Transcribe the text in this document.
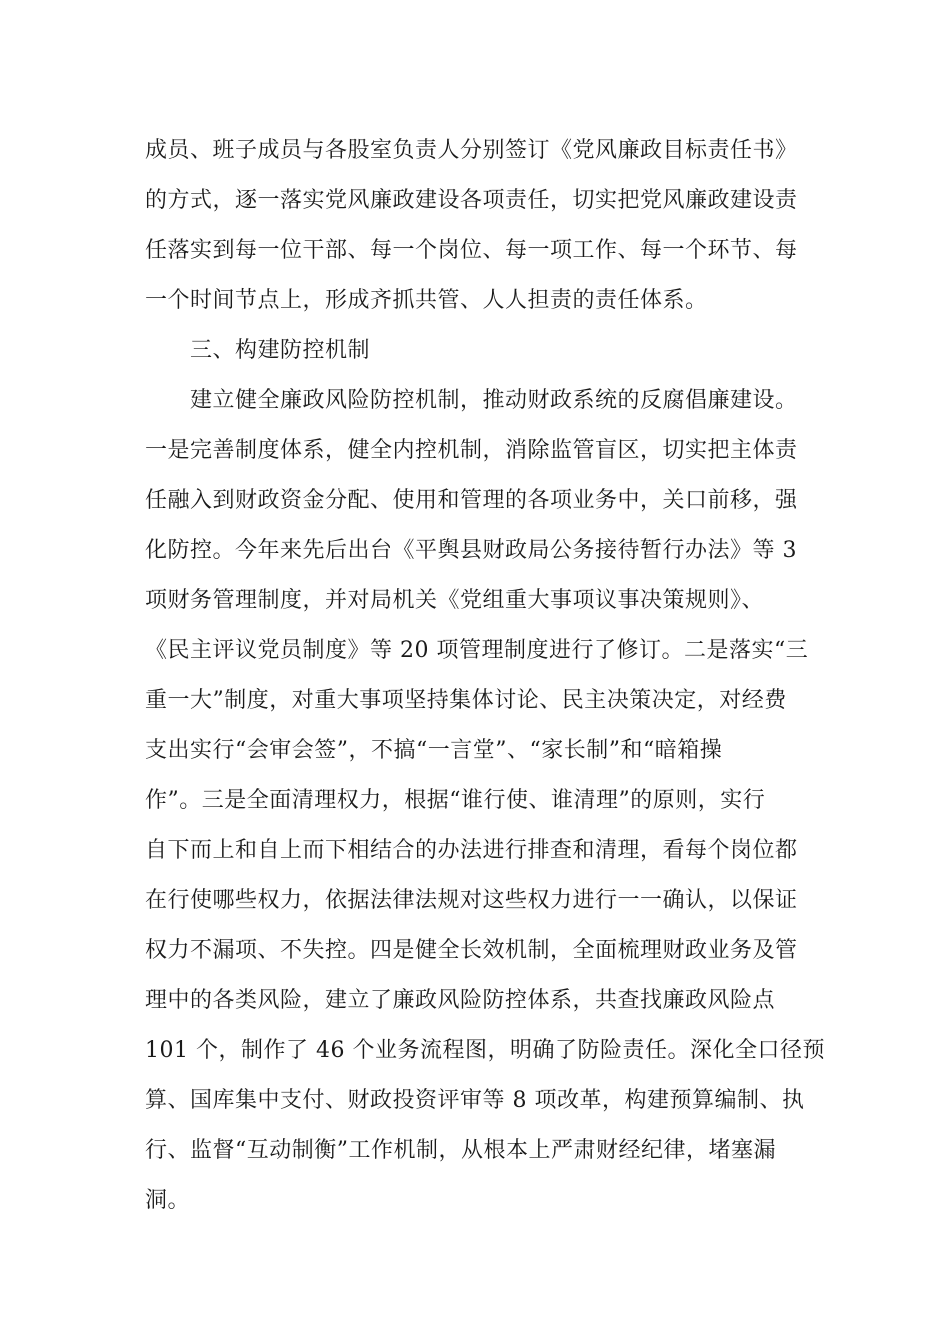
成员、班子成员与各股室负责人分别签订《党风廉政目标责任书》
的方式，逐一落实党风廉政建设各项责任，切实把党风廉政建设责
任落实到每一位干部、每一个岗位、每一项工作、每一个环节、每
一个时间节点上，形成齐抓共管、人人担责的责任体系。
三、构建防控机制
建立健全廉政风险防控机制，推动财政系统的反腐倡廉建设。
一是完善制度体系，健全内控机制，消除监管盲区，切实把主体责
任融入到财政资金分配、使用和管理的各项业务中，关口前移，强
化防控。今年来先后出台《平舆县财政局公务接待暂行办法》等 3
项财务管理制度，并对局机关《党组重大事项议事决策规则》、
《民主评议党员制度》等 20 项管理制度进行了修订。二是落实“三
重一大”制度，对重大事项坚持集体讨论、民主决策决定，对经费
支出实行“会审会签”，不搞“一言堂”、“家长制”和“暗箱操
作”。三是全面清理权力，根据“谁行使、谁清理”的原则，实行
自下而上和自上而下相结合的办法进行排查和清理，看每个岗位都
在行使哪些权力，依据法律法规对这些权力进行一一确认，以保证
权力不漏项、不失控。四是健全长效机制，全面梳理财政业务及管
理中的各类风险，建立了廉政风险防控体系，共查找廉政风险点
101 个，制作了 46 个业务流程图，明确了防险责任。深化全口径预
算、国库集中支付、财政投资评审等 8 项改革，构建预算编制、执
行、监督“互动制衡”工作机制，从根本上严肃财经纪律，堵塞漏
洞。
